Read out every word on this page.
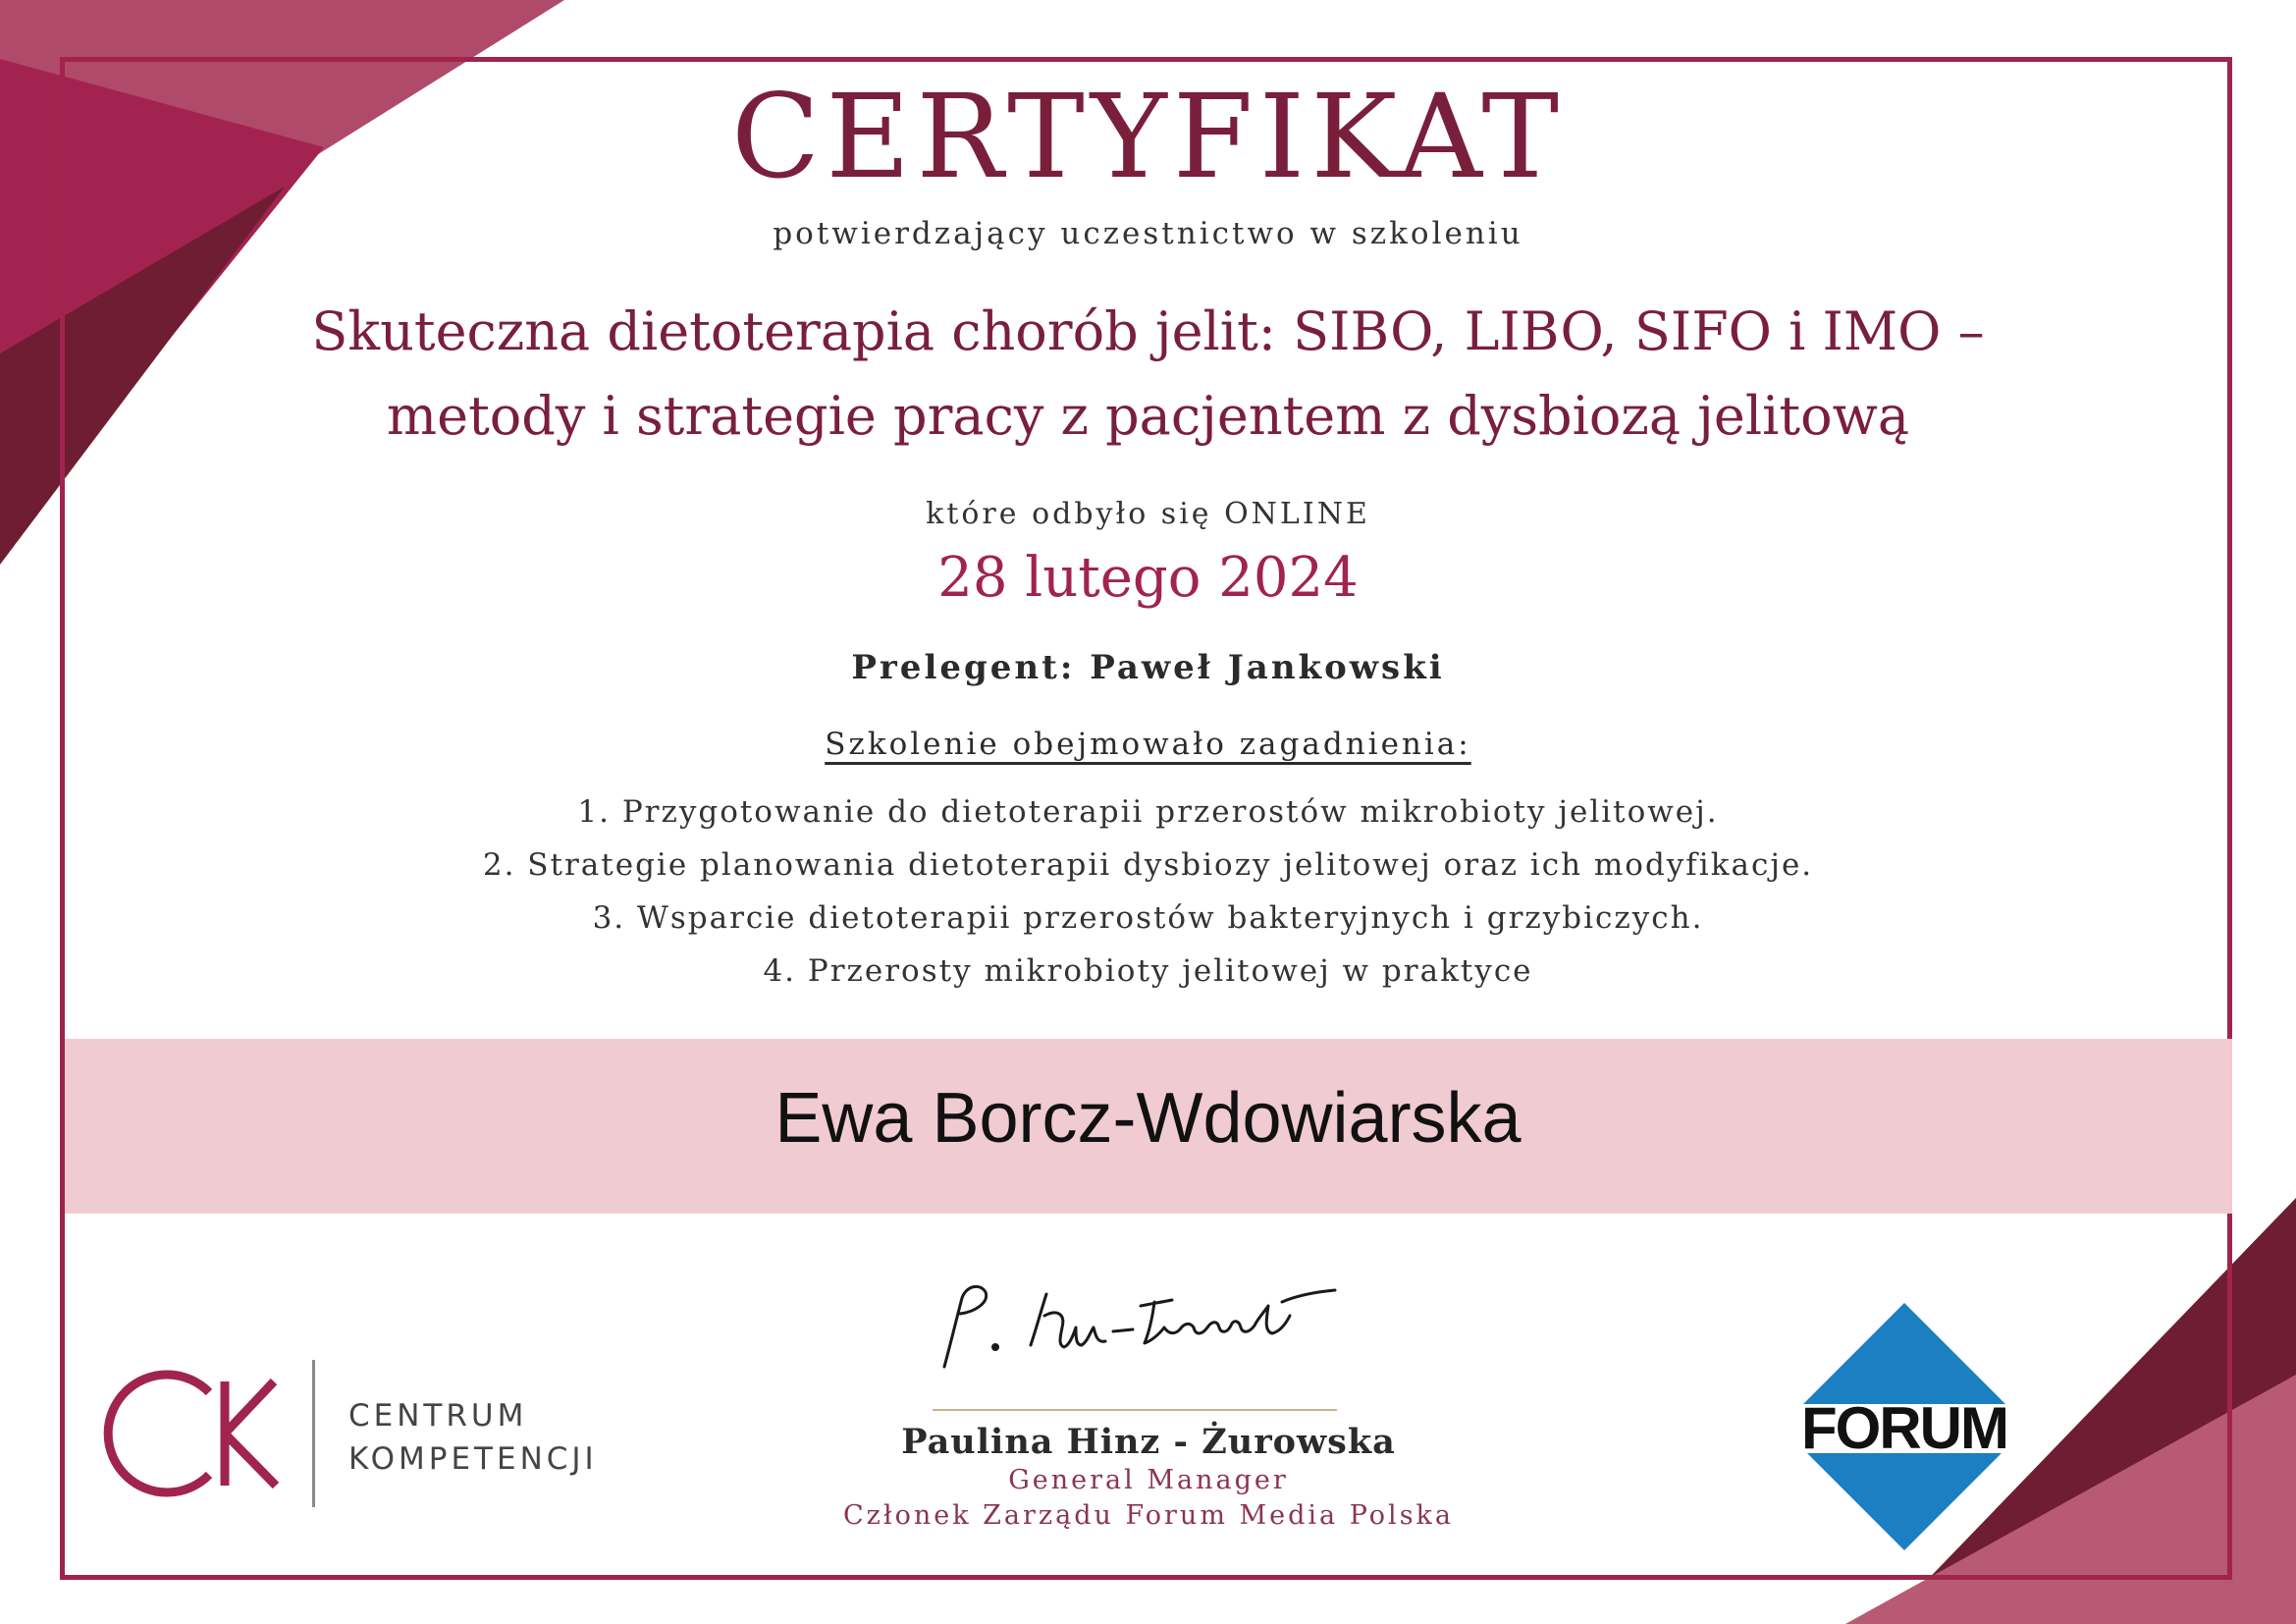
CERTYFIKAT
potwierdzający uczestnictwo w szkoleniu
Skuteczna dietoterapia chorób jelit: SIBO, LIBO, SIFO i IMO –
metody i strategie pracy z pacjentem z dysbiozą jelitową
które odbyło się ONLINE
28 lutego 2024
Prelegent: Paweł Jankowski
Szkolenie obejmowało zagadnienia:
1. Przygotowanie do dietoterapii przerostów mikrobioty jelitowej.
2. Strategie planowania dietoterapii dysbiozy jelitowej oraz ich modyfikacje.
3. Wsparcie dietoterapii przerostów bakteryjnych i grzybiczych.
4. Przerosty mikrobioty jelitowej w praktyce
Ewa Borcz-Wdowiarska
Paulina Hinz - Żurowska
General Manager
Członek Zarządu Forum Media Polska
CENTRUM
KOMPETENCJI	FORUM
